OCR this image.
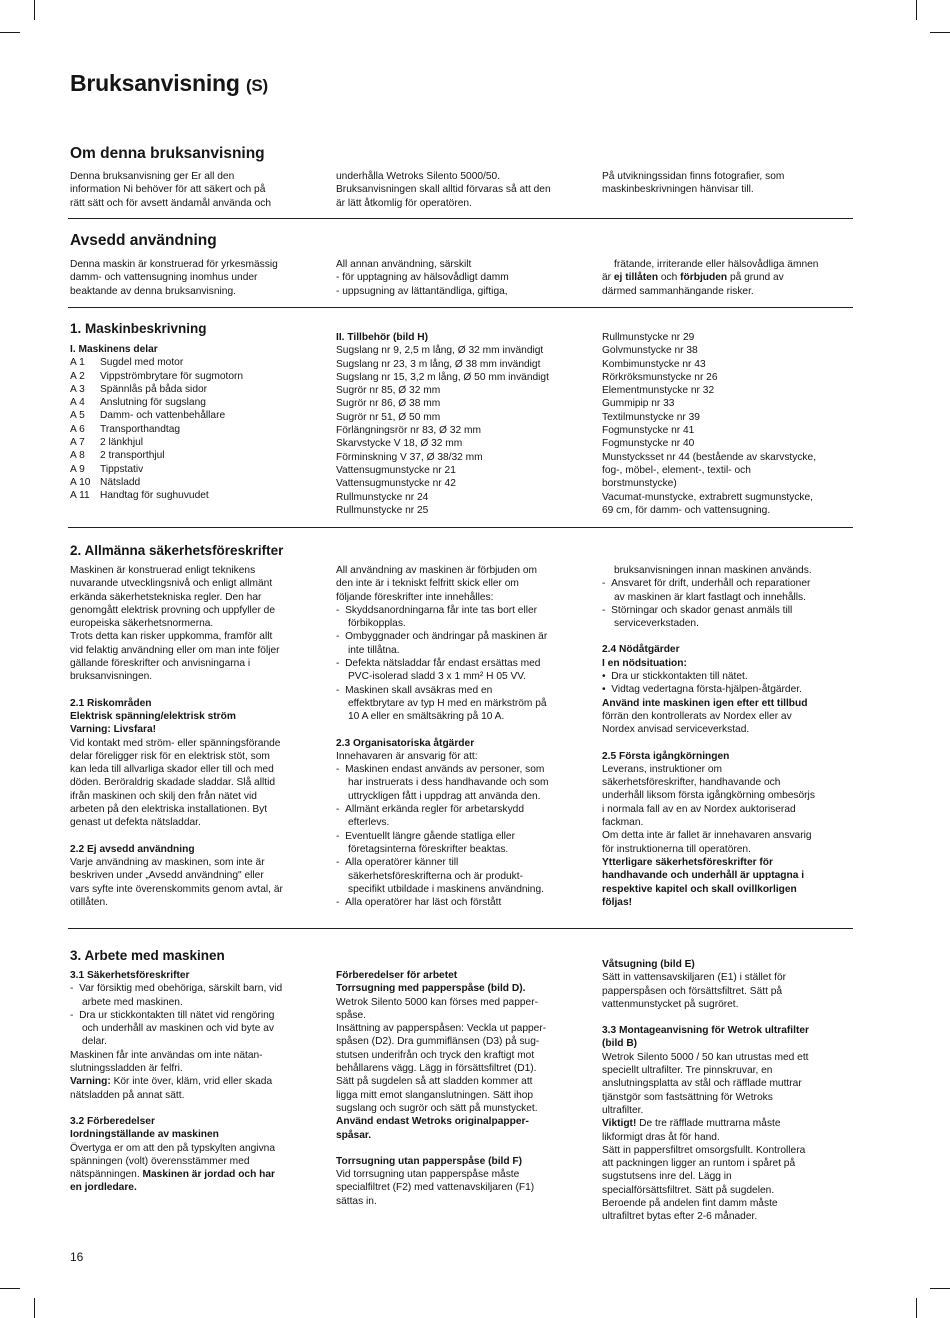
Bruksanvisning (S)
Om denna bruksanvisning

Denna bruksanvisning ger Er all den

information Ni behöver för att säkert och på

rätt sätt och för avsett ändamål använda och

underhålla Wetroks Silento 5000/50.

Bruksanvisningen skall alltid förvaras så att den

är lätt åtkomlig för operatören.

På utvikningssidan finns fotografier, som

maskinbeskrivningen hänvisar till.

Avsedd användning

Denna maskin är konstruerad för yrkesmässig

damm- och vattensugning inomhus under

beaktande av denna bruksanvisning.

All annan användning, särskilt

- för upptagning av hälsovådligt damm

- uppsugning av lättantändliga, giftiga,

frätande, irriterande eller hälsovådliga ämnen

är ej tillåten och förbjuden på grund av

därmed sammanhängande risker.

1. Maskinbeskrivning

I. Maskinens delar

A 1	Sugdel med motor
A 2	Vippströmbrytare för sugmotorn
A 3	Spännlås på båda sidor
A 4	Anslutning för sugslang
A 5	Damm- och vattenbehållare
A 6	Transporthandtag
A 7	2 länkhjul
A 8	2 transporthjul
A 9	Tippstativ
A 10 Nätsladd
A 11	Handtag för sughuvudet

II. Tillbehör (bild H)

Sugslang nr 9, 2,5 m lång, Ø 32 mm invändigt

Sugslang nr 23, 3 m lång, Ø 38 mm invändigt

Sugslang nr 15, 3,2 m lång, Ø 50 mm invändigt

Sugrör nr 85, Ø 32 mm

Sugrör nr 86, Ø 38 mm

Sugrör nr 51, Ø 50 mm

Förlängningsrör nr 83, Ø 32 mm

Skarvstycke V 18, Ø 32 mm

Förminskning V 37, Ø 38/32 mm

Vattensugmunstycke nr 21

Vattensugmunstycke nr 42

Rullmunstycke nr 24

Rullmunstycke nr 25

Rullmunstycke nr 29

Golvmunstycke nr 38

Kombimunstycke nr 43

Rörkröksmunstycke nr 26

Elementmunstycke nr 32

Gummipip nr 33

Textilmunstycke nr 39

Fogmunstycke nr 41

Fogmunstycke nr 40

Munstycksset nr 44 (bestående av skarvstycke,

fog-, möbel-, element-, textil- och

borstmunstycke)

Vacumat-munstycke, extrabrett sugmunstycke,

69 cm, för damm- och vattensugning.

2. Allmänna säkerhetsföreskrifter

Maskinen är konstruerad enligt teknikens

nuvarande utvecklingsnivå och enligt allmänt

erkända säkerhetstekniska regler. Den har

genomgått elektrisk provning och uppfyller de

europeiska säkerhetsnormerna.

Trots detta kan risker uppkomma, framför allt

vid felaktig användning eller om man inte följer

gällande föreskrifter och anvisningarna i

bruksanvisningen.

2.1 Riskområden

Elektrisk spänning/elektrisk ström

Varning: Livsfara!

Vid kontakt med ström- eller spänningsförande

delar föreligger risk för en elektrisk stöt, som

kan leda till allvarliga skador eller till och med

döden. Beröraldrig skadade sladdar. Slå alltid

ifrån maskinen och skilj den från nätet vid

arbeten på den elektriska installationen. Byt

genast ut defekta nätsladdar.

2.2 Ej avsedd användning

Varje användning av maskinen, som inte är

beskriven under „Avsedd användning" eller

vars syfte inte överenskommits genom avtal, är

otillåten.

All användning av maskinen är förbjuden om

den inte är i tekniskt felfritt skick eller om

följande föreskrifter inte innehålles:

-  Skyddsanordningarna får inte tas bort eller

förbikopplas.

-  Ombyggnader och ändringar på maskinen är

inte tillåtna.

-  Defekta nätsladdar får endast ersättas med

PVC-isolerad sladd 3 x 1 mm² H 05 VV.

-  Maskinen skall avsäkras med en

effektbrytare av typ H med en märkström på

10 A eller en smältsäkring på 10 A.

2.3 Organisatoriska åtgärder

Innehavaren är ansvarig för att:

-  Maskinen endast används av personer, som

har instruerats i dess handhavande och som

uttryckligen fått i uppdrag att använda den.

-  Allmänt erkända regler för arbetarskydd

efterlevs.

-  Eventuellt längre gående statliga eller

företagsinterna föreskrifter beaktas.

-  Alla operatörer känner till

säkerhetsföreskrifterna och är produkt-

specifikt utbildade i maskinens användning.

-  Alla operatörer har läst och förstått

bruksanvisningen innan maskinen används.

-  Ansvaret för drift, underhåll och reparationer

av maskinen är klart fastlagt och innehålls.

-  Störningar och skador genast anmäls till

serviceverkstaden.

2.4 Nödåtgärder

I en nödsituation:

•  Dra ur stickkontakten till nätet.

•  Vidtag vedertagna första-hjälpen-åtgärder.

Använd inte maskinen igen efter ett tillbud

förrän den kontrollerats av Nordex eller av

Nordex anvisad serviceverkstad.

2.5 Första igångkörningen

Leverans, instruktioner om

säkerhetsföreskrifter, handhavande och

underhåll liksom första igångkörning ombesörjs

i normala fall av en av Nordex auktoriserad

fackman.

Om detta inte är fallet är innehavaren ansvarig

för instruktionerna till operatören.

Ytterligare säkerhetsföreskrifter för

handhavande och underhåll är upptagna i

respektive kapitel och skall ovillkorligen

följas!

3. Arbete med maskinen

3.1 Säkerhetsföreskrifter

-  Var försiktig med obehöriga, särskilt barn, vid

arbete med maskinen.

-  Dra ur stickkontakten till nätet vid rengöring

och underhåll av maskinen och vid byte av

delar.

Maskinen får inte användas om inte nätan-

slutningssladden är felfri.

Varning: Kör inte över, kläm, vrid eller skada

nätsladden på annat sätt.

3.2 Förberedelser

Iordningställande av maskinen

Övertyga er om att den på typskylten angivna

spänningen (volt) överensstämmer med

nätspänningen. Maskinen är jordad och har

en jordledare.

Förberedelser för arbetet

Torrsugning med papperspåse (bild D).

Wetrok Silento 5000 kan förses med papper-

spåse.

Insättning av papperspåsen: Veckla ut papper-

spåsen (D2). Dra gummiflänsen (D3) på sug-

stutsen underifrån och tryck den kraftigt mot

behållarens vägg. Lägg in försättsfiltret (D1).

Sätt på sugdelen så att sladden kommer att

ligga mitt emot slanganslutningen. Sätt ihop

sugslang och sugrör och sätt på munstycket.

Använd endast Wetroks originalpapper-

spåsar.

Torrsugning utan papperspåse (bild F)

Vid torrsugning utan papperspåse måste

specialfiltret (F2) med vattenavskiljaren (F1)

sättas in.

Våtsugning (bild E)

Sätt in vattensavskiljaren (E1) i stället för

papperspåsen och försättsfiltret. Sätt på

vattenmunstycket på sugröret.

3.3 Montageanvisning för Wetrok ultrafilter

(bild B)

Wetrok Silento 5000 / 50 kan utrustas med ett

speciellt ultrafilter. Tre pinnskruvar, en

anslutningsplatta av stål och räfflade muttrar

tjänstgör som fastsättning för Wetroks

ultrafilter.

Viktigt! De tre räfflade muttrarna måste

likformigt dras åt för hand.

Sätt in pappersfiltret omsorgsfullt. Kontrollera

att packningen ligger an runtom i spåret på

sugstutsens inre del. Lägg in

specialförsättsfiltret. Sätt på sugdelen.

Beroende på andelen fint damm måste

ultrafiltret bytas efter 2-6 månader.

16
